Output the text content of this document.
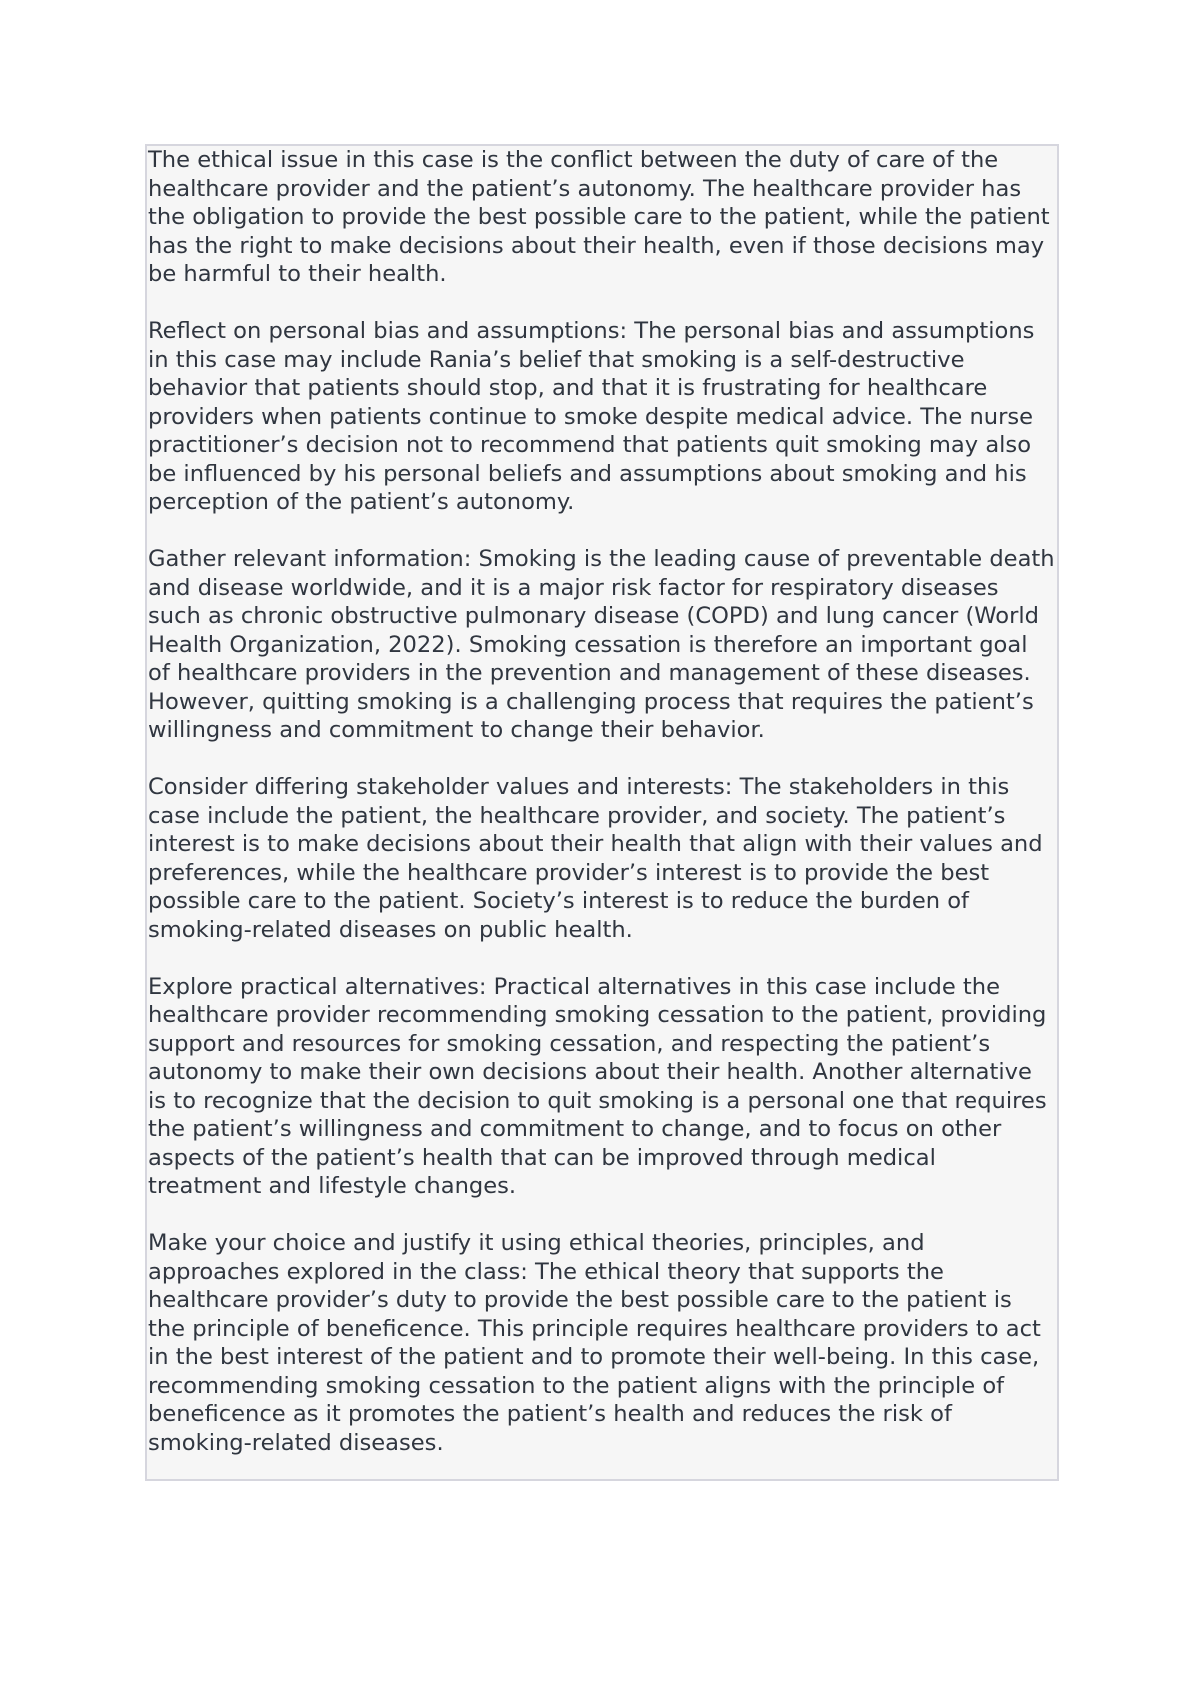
The ethical issue in this case is the conflict between the duty of care of the healthcare provider and the patient’s autonomy. The healthcare provider has the obligation to provide the best possible care to the patient, while the patient has the right to make decisions about their health, even if those decisions may be harmful to their health.

Reflect on personal bias and assumptions: The personal bias and assumptions in this case may include Rania’s belief that smoking is a self-destructive behavior that patients should stop, and that it is frustrating for healthcare providers when patients continue to smoke despite medical advice. The nurse practitioner’s decision not to recommend that patients quit smoking may also be influenced by his personal beliefs and assumptions about smoking and his perception of the patient’s autonomy.

Gather relevant information: Smoking is the leading cause of preventable death and disease worldwide, and it is a major risk factor for respiratory diseases such as chronic obstructive pulmonary disease (COPD) and lung cancer (World Health Organization, 2022). Smoking cessation is therefore an important goal of healthcare providers in the prevention and management of these diseases. However, quitting smoking is a challenging process that requires the patient’s willingness and commitment to change their behavior.

Consider differing stakeholder values and interests: The stakeholders in this case include the patient, the healthcare provider, and society. The patient’s interest is to make decisions about their health that align with their values and preferences, while the healthcare provider’s interest is to provide the best possible care to the patient. Society’s interest is to reduce the burden of smoking-related diseases on public health.

Explore practical alternatives: Practical alternatives in this case include the healthcare provider recommending smoking cessation to the patient, providing support and resources for smoking cessation, and respecting the patient’s autonomy to make their own decisions about their health. Another alternative is to recognize that the decision to quit smoking is a personal one that requires the patient’s willingness and commitment to change, and to focus on other aspects of the patient’s health that can be improved through medical treatment and lifestyle changes.

Make your choice and justify it using ethical theories, principles, and approaches explored in the class: The ethical theory that supports the healthcare provider’s duty to provide the best possible care to the patient is the principle of beneficence. This principle requires healthcare providers to act in the best interest of the patient and to promote their well-being. In this case, recommending smoking cessation to the patient aligns with the principle of beneficence as it promotes the patient’s health and reduces the risk of smoking-related diseases.
